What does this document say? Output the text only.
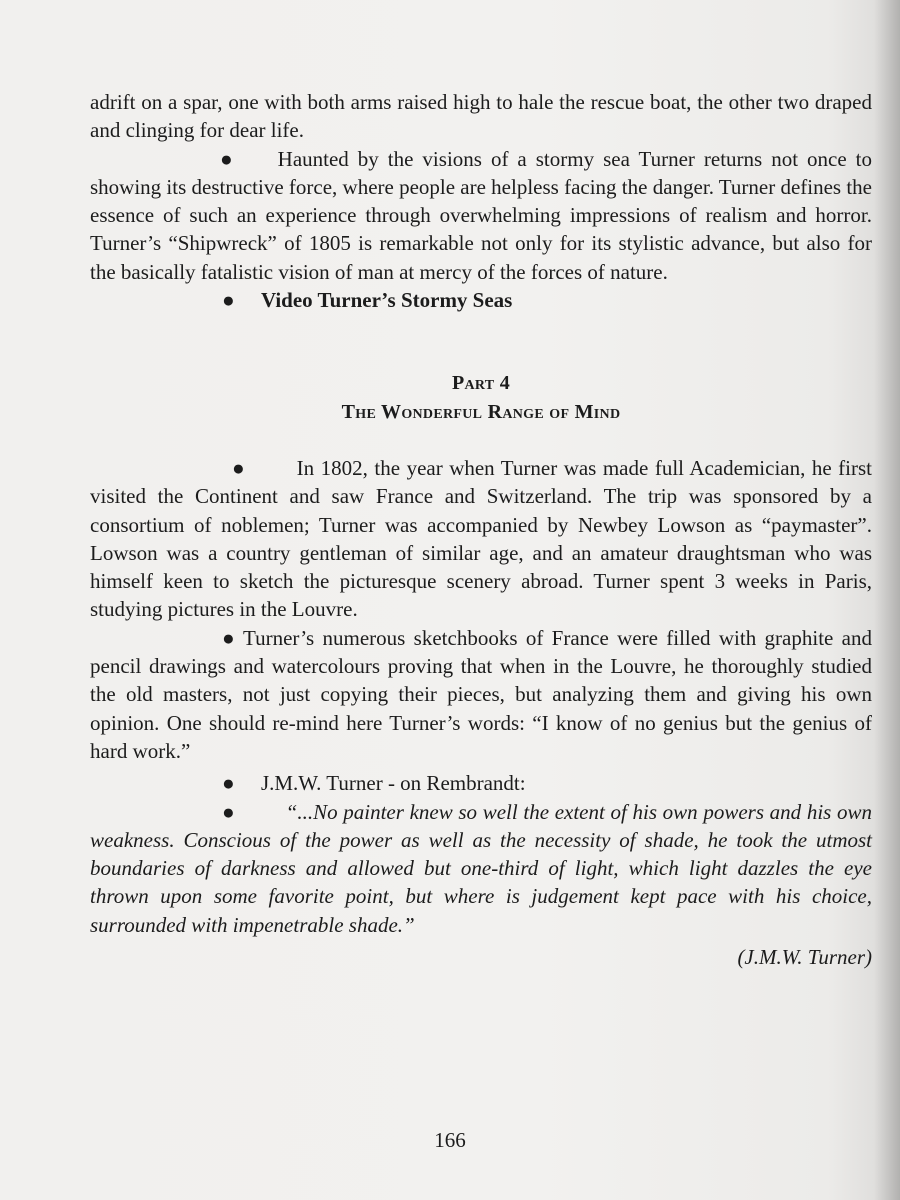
adrift on a spar, one with both arms raised high to hale the rescue boat, the other two draped and clinging for dear life.

● Haunted by the visions of a stormy sea Turner returns not once to showing its destructive force, where people are helpless facing the danger. Turner defines the essence of such an experience through overwhelming impressions of realism and horror. Turner’s “Shipwreck” of 1805 is remarkable not only for its stylistic advance, but also for the basically fatalistic vision of man at mercy of the forces of nature.

● Video Turner’s Stormy Seas

Part 4

The Wonderful Range of Mind

● In 1802, the year when Turner was made full Academician, he first visited the Continent and saw France and Switzerland. The trip was sponsored by a consortium of noblemen; Turner was accompanied by Newbey Lowson as “paymaster”. Lowson was a country gentleman of similar age, and an amateur draughtsman who was himself keen to sketch the picturesque scenery abroad. Turner spent 3 weeks in Paris, studying pictures in the Louvre.

● Turner’s numerous sketchbooks of France were filled with graphite and pencil drawings and watercolours proving that when in the Louvre, he thoroughly studied the old masters, not just copying their pieces, but analyzing them and giving his own opinion. One should re-mind here Turner’s words: “I know of no genius but the genius of hard work.”

● J.M.W. Turner - on Rembrandt:

● “...No painter knew so well the extent of his own powers and his own weakness. Conscious of the power as well as the necessity of shade, he took the utmost boundaries of darkness and allowed but one-third of light, which light dazzles the eye thrown upon some favorite point, but where is judgement kept pace with his choice, surrounded with impenetrable shade.”

(J.M.W. Turner)

166
